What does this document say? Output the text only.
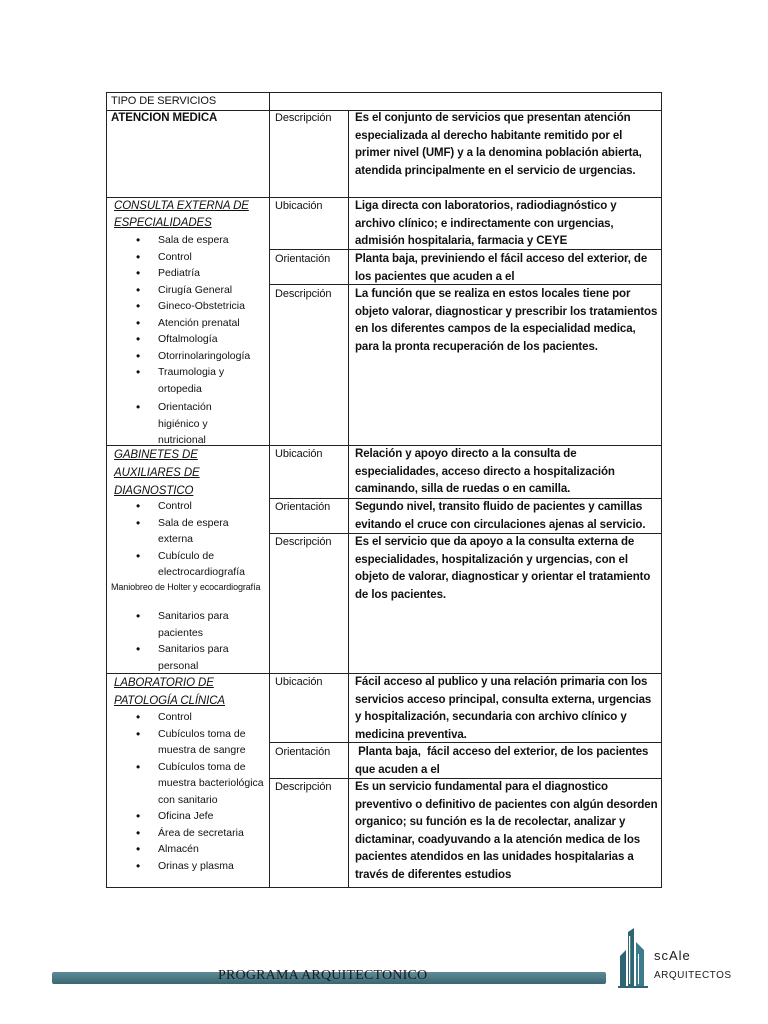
TIPO DE SERVICIOS
ATENCION MEDICA	Descripción Es el conjunto de servicios que presentan atención especializada al derecho habitante remitido por el primer nivel (UMF) y a la denomina población abierta, atendida principalmente en el servicio de urgencias.
CONSULTA EXTERNA DE ESPECIALIDADES
• Sala de espera
• Control
• Pediatría
• Cirugía General
• Gineco-Obstetricia
• Atención prenatal
• Oftalmología
• Otorrinolaringología
• Traumologia y ortopedia
• Orientación higiénico y nutricional
Ubicación	Liga directa con laboratorios, radiodiagnóstico y archivo clínico; e indirectamente con urgencias, admisión hospitalaria, farmacia y CEYE
Orientación Planta baja, previniendo el fácil acceso del exterior, de los pacientes que acuden a el
Descripción La función que se realiza en estos locales tiene por objeto valorar, diagnosticar y prescribir los tratamientos en los diferentes campos de la especialidad medica, para la pronta recuperación de los pacientes.
GABINETES DE AUXILIARES DE DIAGNOSTICO
• Control
• Sala de espera externa
• Cubículo de electrocardiografía
Maniobreo de Holter y ecocardiografía
• Sanitarios para pacientes
• Sanitarios para personal
Ubicación	Relación y apoyo directo a la consulta de especialidades, acceso directo a hospitalización caminando, silla de ruedas o en camilla.
Orientación Segundo nivel, transito fluido de pacientes y camillas evitando el cruce con circulaciones ajenas al servicio.
Descripción Es el servicio que da apoyo a la consulta externa de especialidades, hospitalización y urgencias, con el objeto de valorar, diagnosticar y orientar el tratamiento de los pacientes.
LABORATORIO DE PATOLOGÍA CLÍNICA
• Control
• Cubículos toma de muestra de sangre
• Cubículos toma de muestra bacteriológica con sanitario
• Oficina Jefe
• Área de secretaria
• Almacén
• Orinas y plasma
Ubicación	Fácil acceso al publico y una relación primaria con los servicios acceso principal, consulta externa, urgencias y hospitalización, secundaria con archivo clínico y medicina preventiva.
Orientación Planta baja,  fácil acceso del exterior, de los pacientes que acuden a el
Descripción Es un servicio fundamental para el diagnostico preventivo o definitivo de pacientes con algún desorden organico; su función es la de recolectar, analizar y dictaminar, coadyuvando a la atención medica de los pacientes atendidos en las unidades hospitalarias a través de diferentes estudios
PROGRAMA ARQUITECTONICO
scAle
ARQUITECTOS
